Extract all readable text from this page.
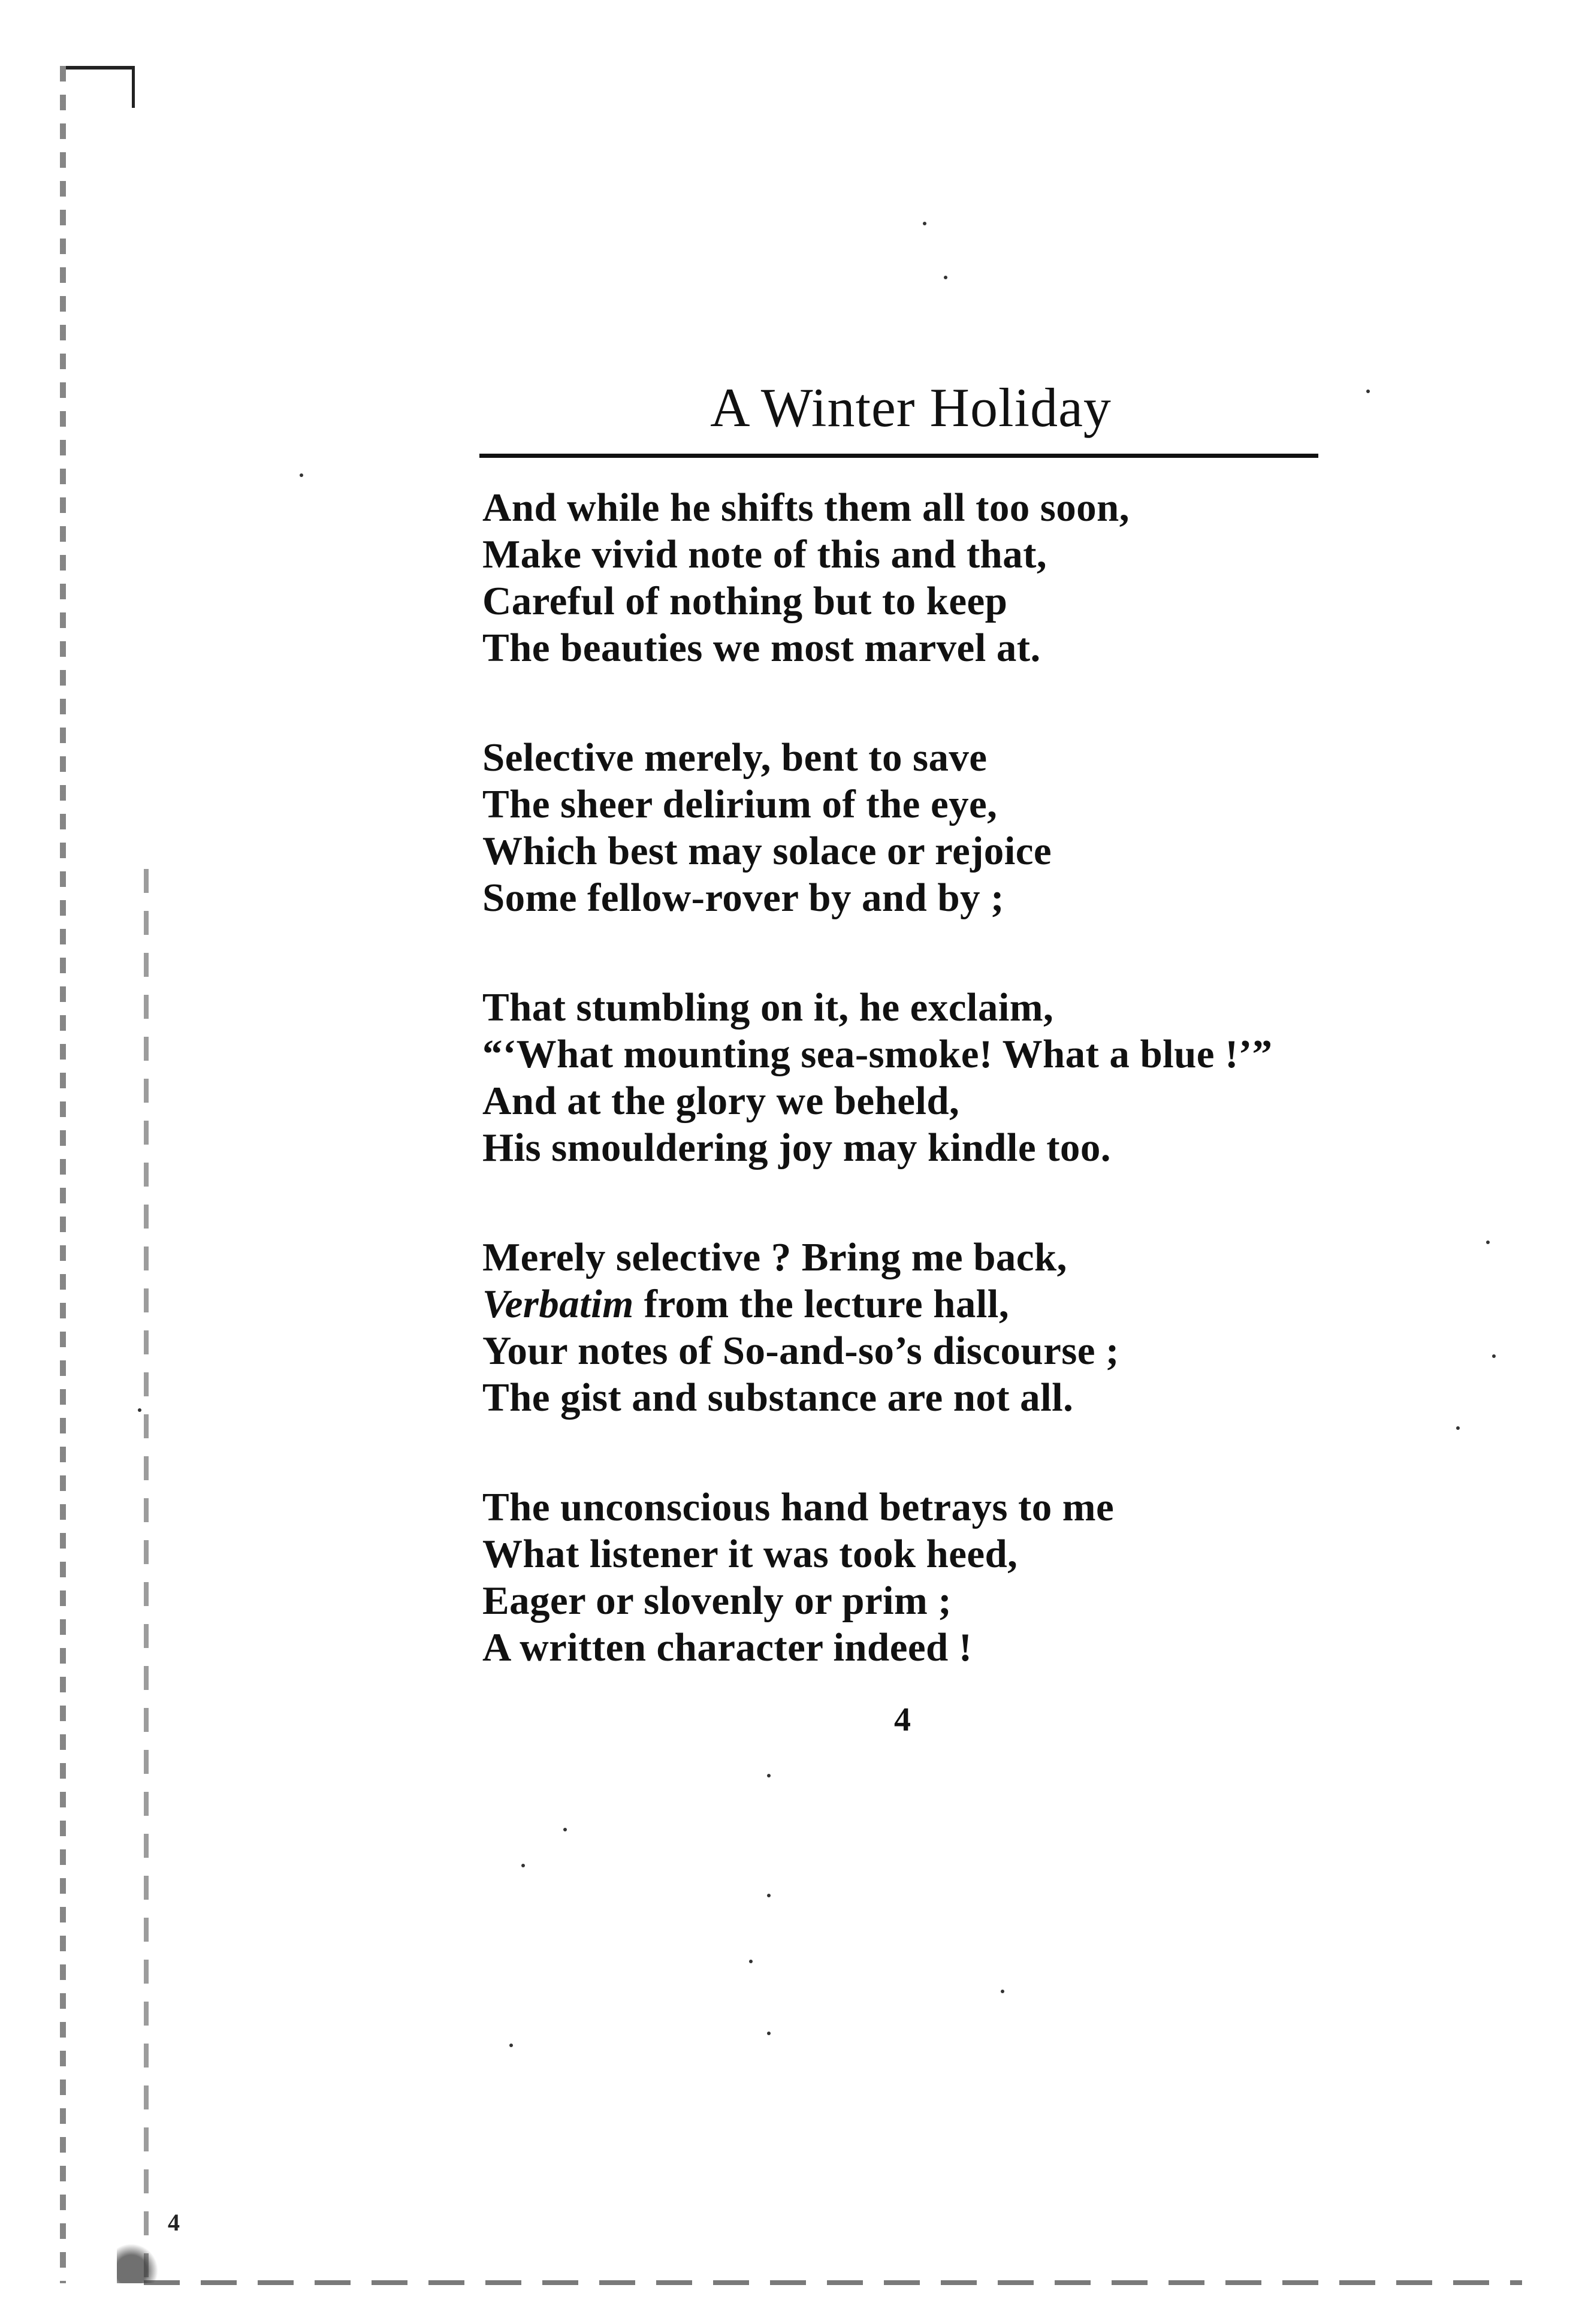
4
A Winter Holiday

And while he shifts them all too soon,
Make vivid note of this and that,
Careful of nothing but to keep
The beauties we most marvel at.

Selective merely, bent to save
The sheer delirium of the eye,
Which best may solace or rejoice
Some fellow-rover by and by ;

That stumbling on it, he exclaim,
“‘What mounting sea-smoke! What a blue !’”
And at the glory we beheld,
His smouldering joy may kindle too.

Merely selective ? Bring me back,
Verbatim from the lecture hall,
Your notes of So-and-so’s discourse ;
The gist and substance are not all.

The unconscious hand betrays to me
What listener it was took heed,
Eager or slovenly or prim ;
A written character indeed !

4
